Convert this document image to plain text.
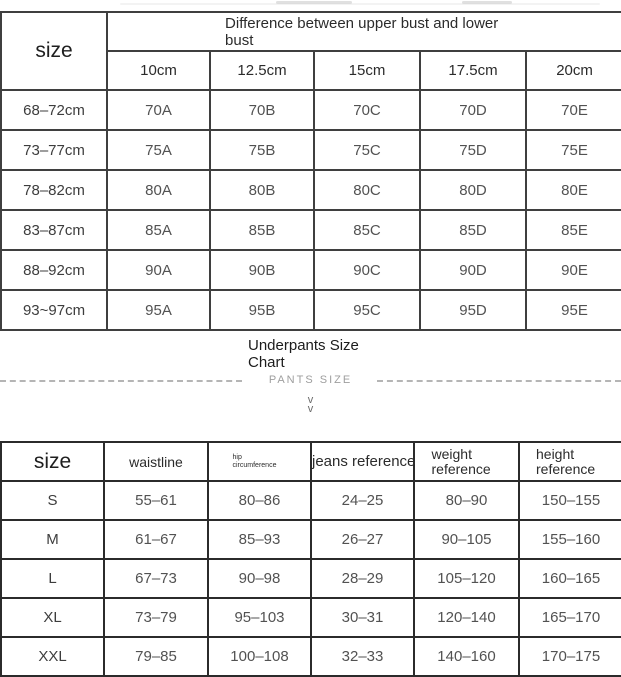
size	Difference between upper bust and lower bust				

	10cm	12.5cm	15cm	17.5cm	20cm
68–72cm	70A	70B	70C	70D	70E
73–77cm	75A	75B	75C	75D	75E
78–82cm	80A	80B	80C	80D	80E
83–87cm	85A	85B	85C	85D	85E
88–92cm	90A	90B	90C	90D	90E
93~97cm	95A	95B	95C	95D	95E
Underpants Size Chart
PANTS SIZE
v
v
size	waistline	hip circumference	jeans reference	weight reference	height reference
S	55–61	80–86	24–25	80–90	150–155
M	61–67	85–93	26–27	90–105	155–160
L	67–73	90–98	28–29	105–120	160–165
XL	73–79	95–103	30–31	120–140	165–170
XXL	79–85	100–108	32–33	140–160	170–175
